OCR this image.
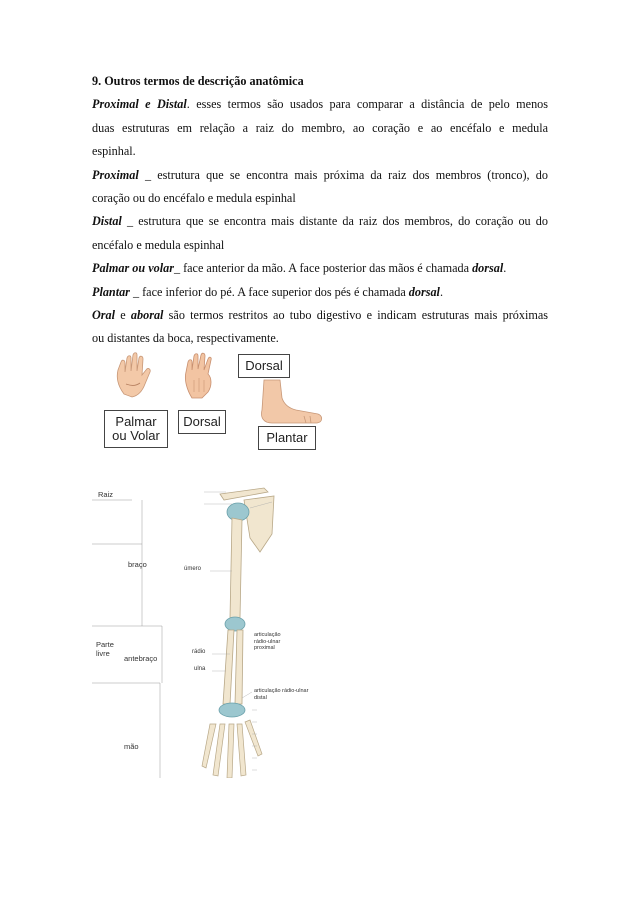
9. Outros termos de descrição anatômica
Proximal e Distal. esses termos são usados para comparar a distância de pelo menos
duas estruturas em relação a raiz do membro, ao coração e ao encéfalo e medula
espinhal.
Proximal _ estrutura que se encontra mais próxima da raiz dos membros (tronco), do
coração ou do encéfalo e medula espinhal
Distal _ estrutura que se encontra mais distante da raiz dos membros, do coração ou do
encéfalo e medula espinhal
Palmar ou volar_ face anterior da mão. A face posterior das mãos é chamada dorsal.
Plantar _ face inferior do pé. A face superior dos pés é chamada dorsal.
Oral e aboral são termos restritos ao tubo digestivo e indicam estruturas mais próximas
ou distantes da boca, respectivamente.
Palmar
ou Volar
Dorsal
Dorsal
Plantar
Raiz
braço
Parte
livre
antebraço
mão
úmero
rádio
ulna
articulação
rádio-ulnar
proximal
articulação rádio-ulnar
distal
